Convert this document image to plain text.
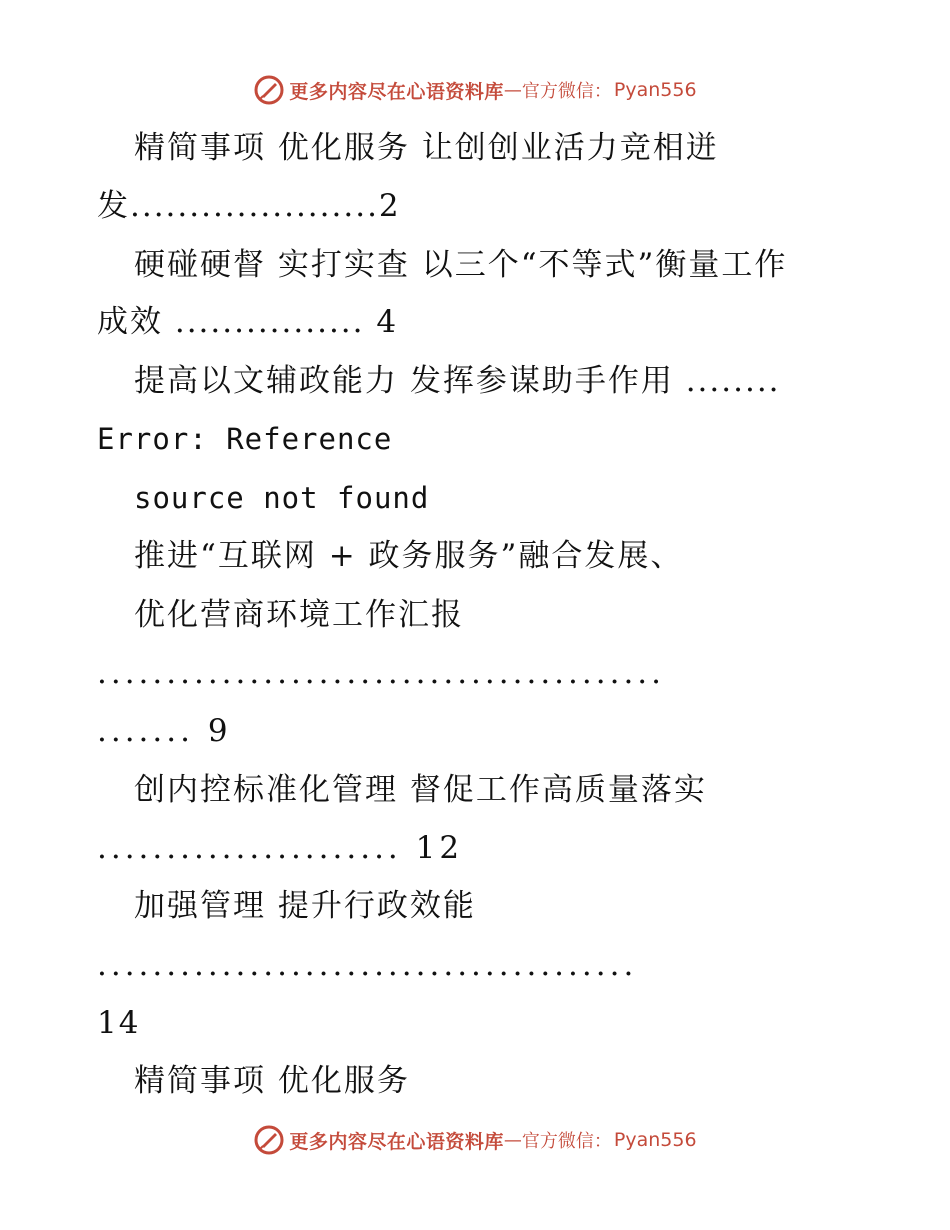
更多内容尽在心语资料库 — 官方微信： Pyan556
精简事项 优化服务 让创创业活力竞相迸
发.....................2
硬碰硬督 实打实查 以三个“不等式”衡量工作
成效 ................ 4
提高以文辅政能力 发挥参谋助手作用 ........
Error: Reference
source not found
推进“互联网 + 政务服务”融合发展、
优化营商环境工作汇报
.........................................
....... 9
创内控标准化管理 督促工作高质量落实
...................... 12
加强管理 提升行政效能
.......................................
14
精简事项 优化服务
更多内容尽在心语资料库 — 官方微信： Pyan556
